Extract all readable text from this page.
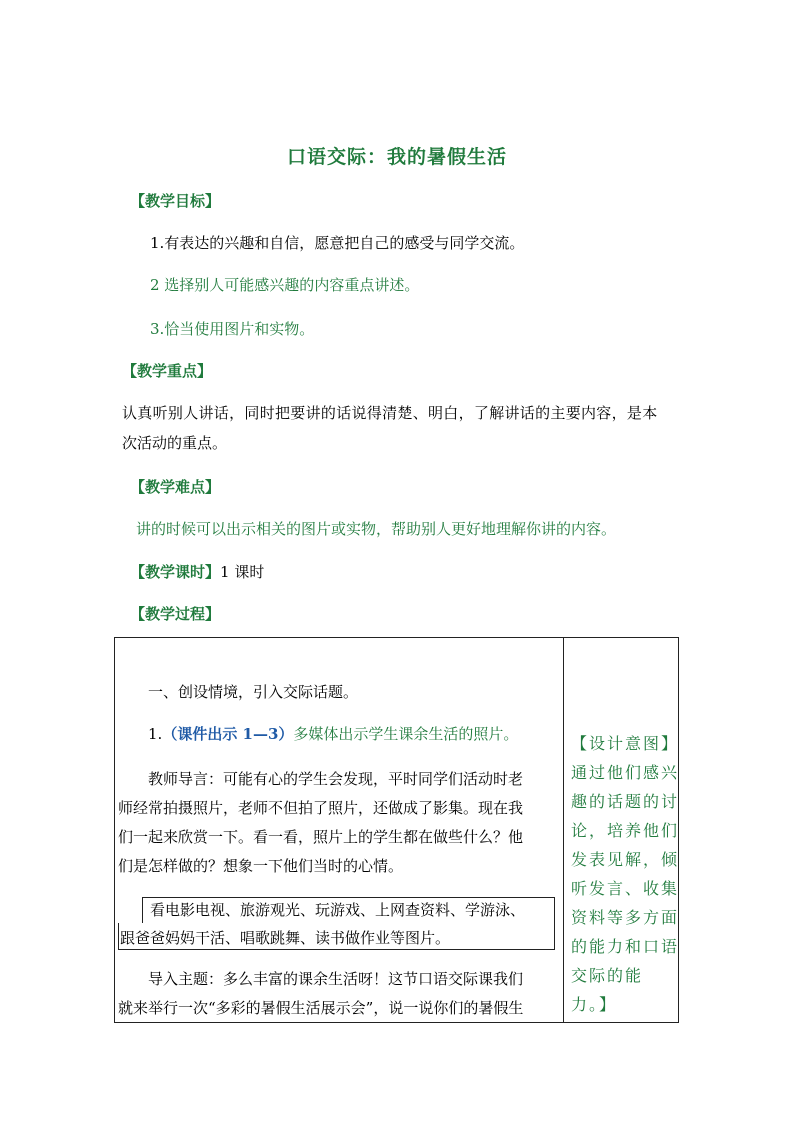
口语交际：我的暑假生活
【教学目标】
1.有表达的兴趣和自信，愿意把自己的感受与同学交流。
2 选择别人可能感兴趣的内容重点讲述。
3.恰当使用图片和实物。
【教学重点】
认真听别人讲话，同时把要讲的话说得清楚、明白，了解讲话的主要内容，是本
次活动的重点。
【教学难点】
讲的时候可以出示相关的图片或实物，帮助别人更好地理解你讲的内容。
【教学课时】1 课时
【教学过程】
一、创设情境，引入交际话题。
1.（课件出示 1—3）多媒体出示学生课余生活的照片。
教师导言：可能有心的学生会发现，平时同学们活动时老
师经常拍摄照片，老师不但拍了照片，还做成了影集。现在我
们一起来欣赏一下。看一看，照片上的学生都在做些什么？他
们是怎样做的？想象一下他们当时的心情。
看电影电视、旅游观光、玩游戏、上网查资料、学游泳、
跟爸爸妈妈干活、唱歌跳舞、读书做作业等图片。
导入主题：多么丰富的课余生活呀！这节口语交际课我们
就来举行一次“多彩的暑假生活展示会”，说一说你们的暑假生
【设计意图】通过他们感兴趣的话题的讨论，培养他们发表见解，倾听发言、收集资料等多方面的能力和口语交际的能力。】
